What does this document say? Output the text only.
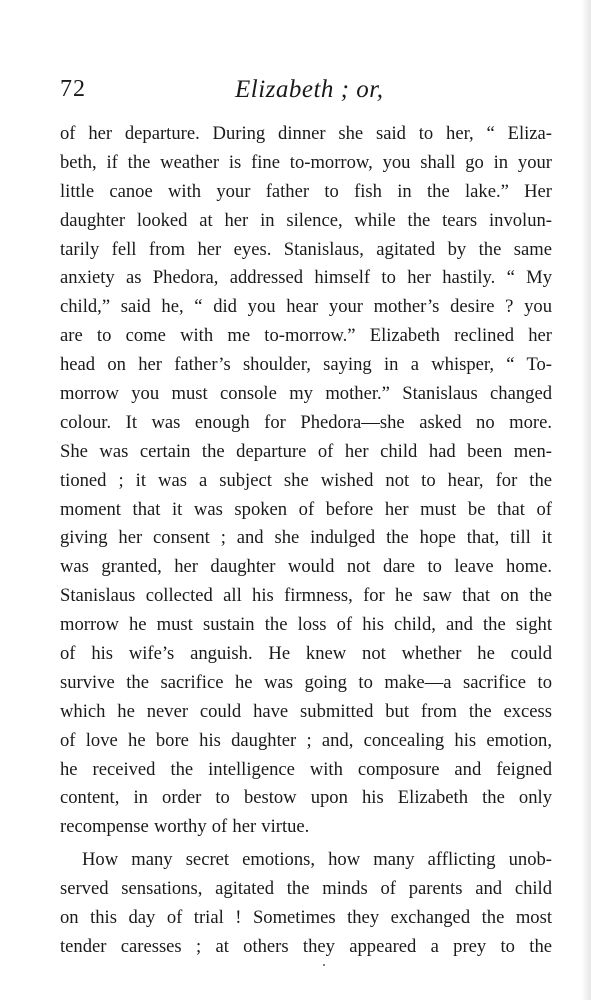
72	Elizabeth ; or,
of her departure. During dinner she said to her, “ Eliza-
beth, if the weather is fine to-morrow, you shall go in your
little canoe with your father to fish in the lake.” Her
daughter looked at her in silence, while the tears involun-
tarily fell from her eyes. Stanislaus, agitated by the same
anxiety as Phedora, addressed himself to her hastily. “ My
child,” said he, “ did you hear your mother’s desire ? you
are to come with me to-morrow.” Elizabeth reclined her
head on her father’s shoulder, saying in a whisper, “ To-
morrow you must console my mother.” Stanislaus changed
colour. It was enough for Phedora—she asked no more.
She was certain the departure of her child had been men-
tioned ; it was a subject she wished not to hear, for the
moment that it was spoken of before her must be that of
giving her consent ; and she indulged the hope that, till it
was granted, her daughter would not dare to leave home.
Stanislaus collected all his firmness, for he saw that on the
morrow he must sustain the loss of his child, and the sight
of his wife’s anguish. He knew not whether he could
survive the sacrifice he was going to make—a sacrifice to
which he never could have submitted but from the excess
of love he bore his daughter ; and, concealing his emotion,
he received the intelligence with composure and feigned
content, in order to bestow upon his Elizabeth the only
recompense worthy of her virtue.
How many secret emotions, how many afflicting unob-
served sensations, agitated the minds of parents and child
on this day of trial ! Sometimes they exchanged the most
tender caresses ; at others they appeared a prey to the
